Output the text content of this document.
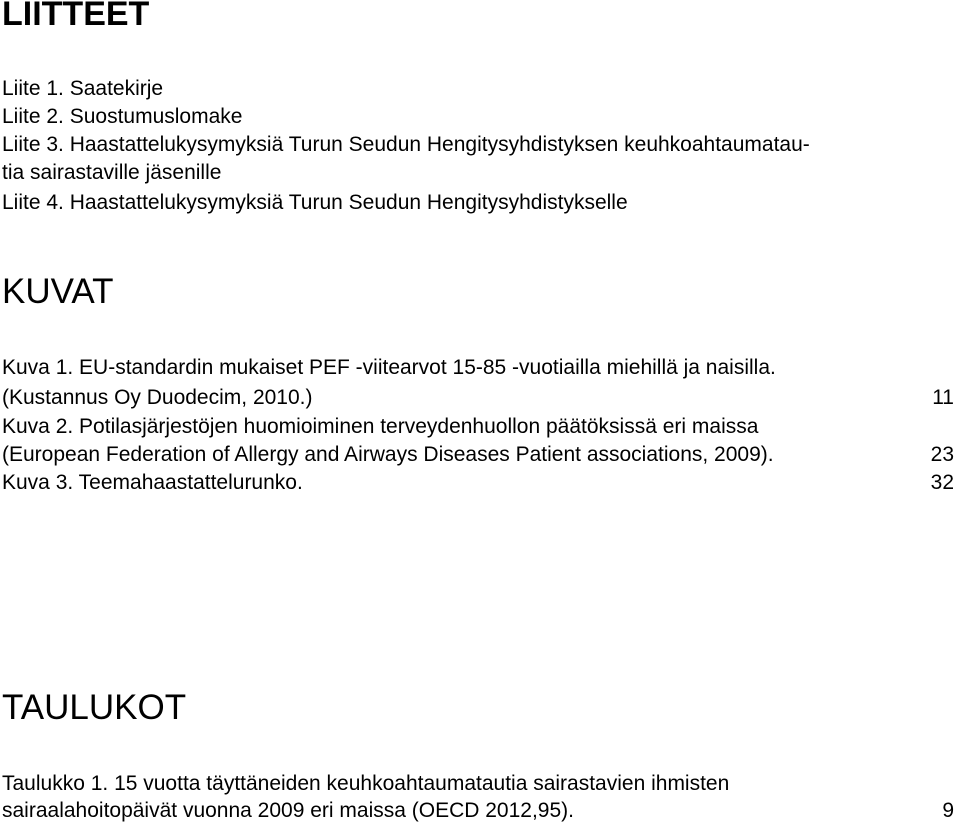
LIITTEET
Liite 1. Saatekirje
Liite 2. Suostumuslomake
Liite 3. Haastattelukysymyksiä Turun Seudun Hengitysyhdistyksen keuhkoahtaumatau-
tia sairastaville jäsenille
Liite 4. Haastattelukysymyksiä Turun Seudun Hengitysyhdistykselle
KUVAT
Kuva 1. EU-standardin mukaiset PEF -viitearvot 15-85 -vuotiailla miehillä ja naisilla.
(Kustannus Oy Duodecim, 2010.)	11
Kuva 2. Potilasjärjestöjen huomioiminen terveydenhuollon päätöksissä eri maissa
(European Federation of Allergy and Airways Diseases Patient associations, 2009).	23
Kuva 3. Teemahaastattelurunko.	32
TAULUKOT
Taulukko 1. 15 vuotta täyttäneiden keuhkoahtaumatautia sairastavien ihmisten
sairaalahoitopäivät vuonna 2009 eri maissa (OECD 2012,95).	9
